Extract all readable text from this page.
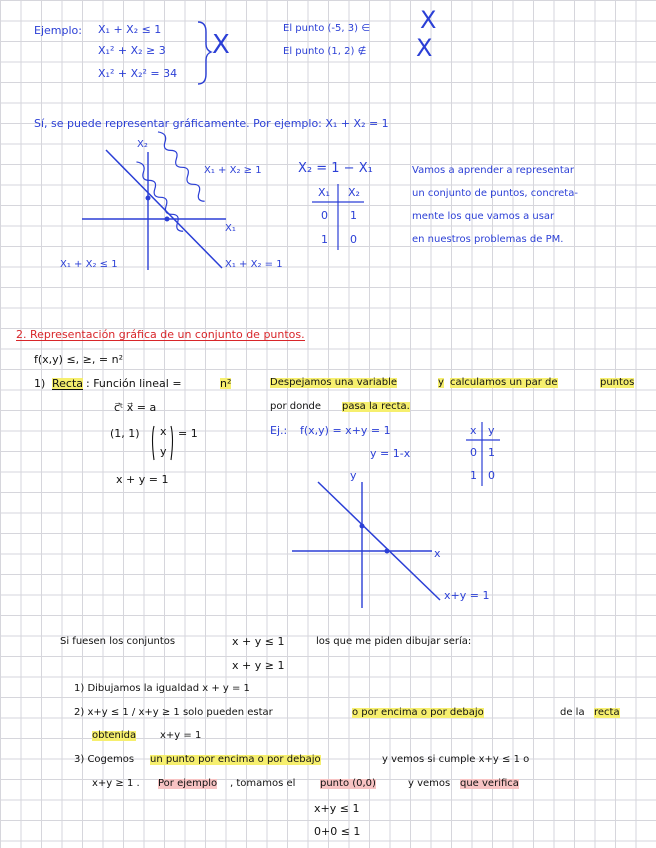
Ejemplo: X₁ + X₂ ≤ 1
X₁² + X₂ ≥ 3
X₁² + X₂² = 34
X
El punto (-5, 3) ∈ X
El punto (1, 2) ∉ X
Sí, se puede representar gráficamente. Por ejemplo: X₁ + X₂ = 1
X₂
X₁
X₁ + X₂ ≥ 1
X₁ + X₂ ≤ 1	X₁ + X₂ = 1
X₂ = 1 − X₁
X₁ X₂
0 1
1 0
Vamos a aprender a representar
un conjunto de puntos, concreta-
mente los que vamos a usar
en nuestros problemas de PM.
2. Representación gráfica de un conjunto de puntos.
f(x,y) ≤, ≥, = n²
1) Recta : Función lineal =	n²
c⃗ᵗ x⃗ = a
(1, 1) x
y
= 1
x + y = 1
Despejamos una variable	y calculamos un par de	puntos
por donde pasa la recta.
Ej.: f(x,y) = x+y = 1
y = 1-x
x y
0 1
1 0
y
x
x+y = 1
Si fuesen los conjuntos	x + y ≤ 1	los que me piden dibujar sería:
x + y ≥ 1
1) Dibujamos la igualdad x + y = 1
2) x+y ≤ 1 / x+y ≥ 1 solo pueden estar	o por encima o por debajo	de la recta
obtenida x+y = 1
3) Cogemos un punto por encima o por debajo	y vemos si cumple x+y ≤ 1 o
x+y ≥ 1 . Por ejemplo , tomamos el punto (0,0)	y vemos que verifica
x+y ≤ 1
0+0 ≤ 1
